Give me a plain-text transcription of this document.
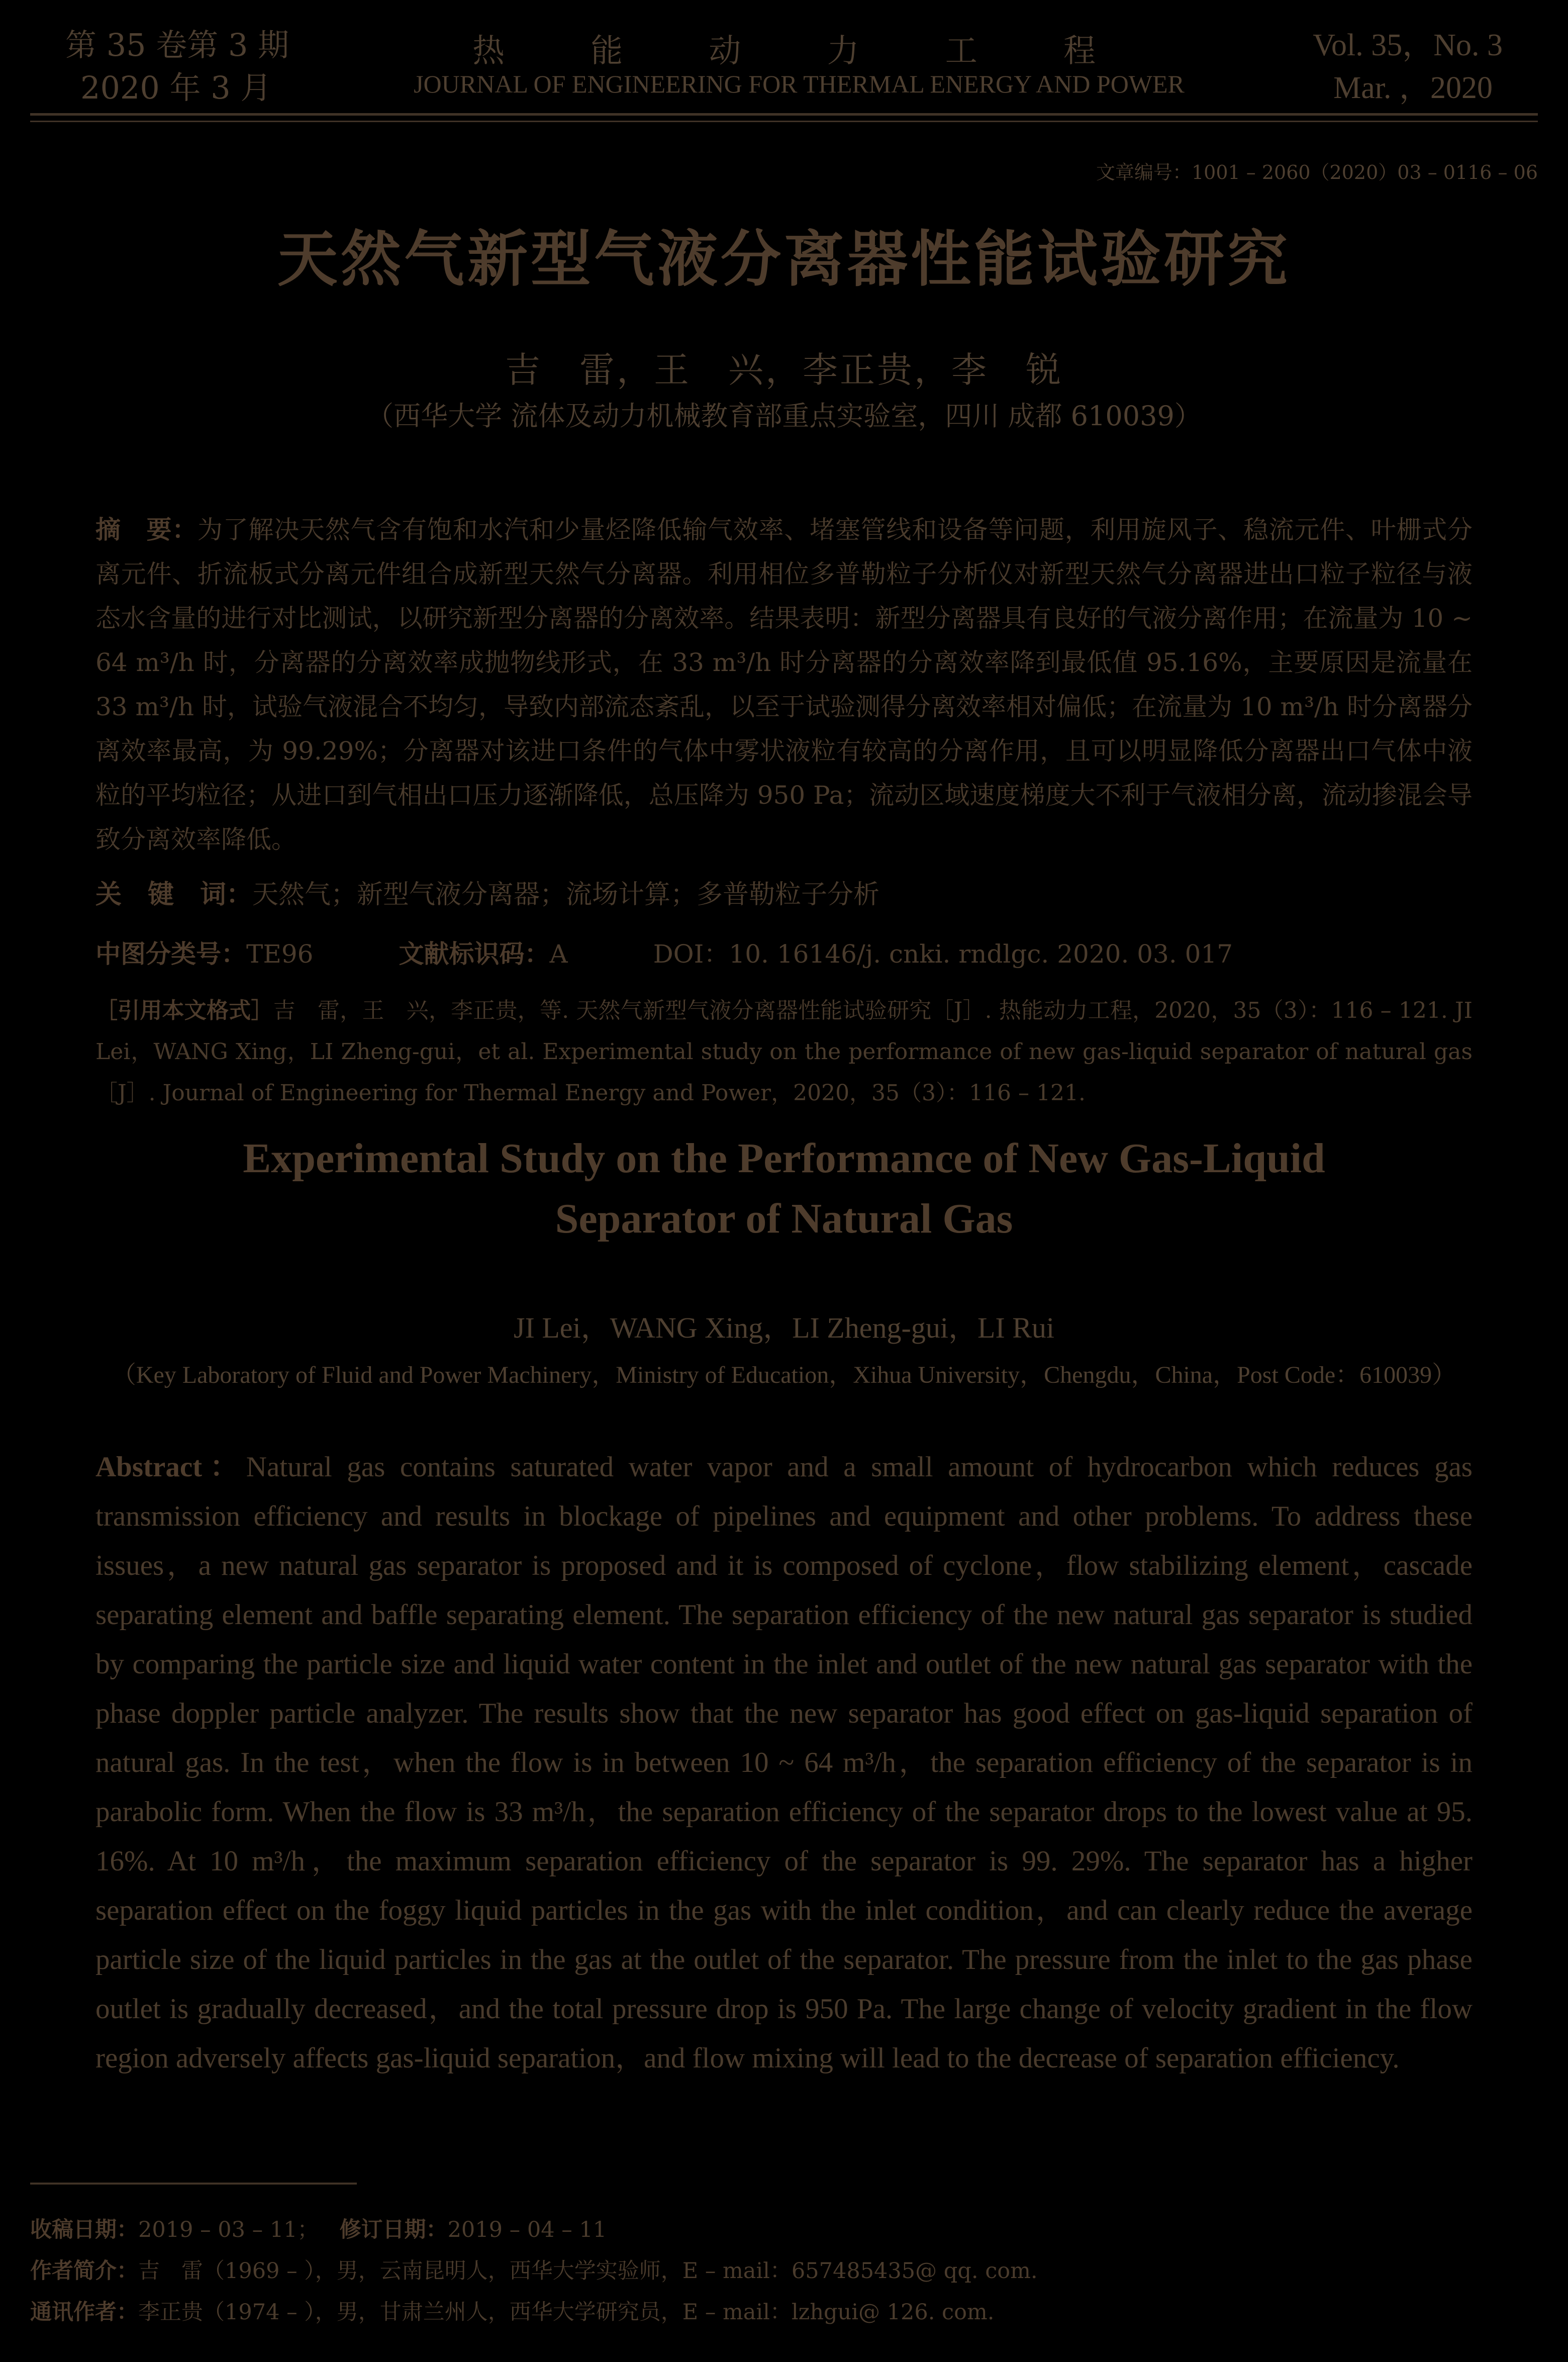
第 35 卷第 3 期
2020 年 3 月
热	能	动	力	工	程
JOURNAL OF ENGINEERING FOR THERMAL ENERGY AND POWER
Vol. 35，No. 3
Mar. ，2020
文章编号：1001 – 2060（2020）03 – 0116 – 06
天然气新型气液分离器性能试验研究
吉　雷，王　兴，李正贵，李　锐
（西华大学 流体及动力机械教育部重点实验室，四川 成都 610039）
摘　要：为了解决天然气含有饱和水汽和少量烃降低输气效率、堵塞管线和设备等问题，利用旋风子、稳流元件、叶栅式分离元件、折流板式分离元件组合成新型天然气分离器。利用相位多普勒粒子分析仪对新型天然气分离器进出口粒子粒径与液态水含量的进行对比测试，以研究新型分离器的分离效率。结果表明：新型分离器具有良好的气液分离作用；在流量为 10 ~ 64 m³/h 时，分离器的分离效率成抛物线形式，在 33 m³/h 时分离器的分离效率降到最低值 95.16%，主要原因是流量在 33 m³/h 时，试验气液混合不均匀，导致内部流态紊乱，以至于试验测得分离效率相对偏低；在流量为 10 m³/h 时分离器分离效率最高，为 99.29%；分离器对该进口条件的气体中雾状液粒有较高的分离作用，且可以明显降低分离器出口气体中液粒的平均粒径；从进口到气相出口压力逐渐降低，总压降为 950 Pa；流动区域速度梯度大不利于气液相分离，流动掺混会导致分离效率降低。
关　键　词：天然气；新型气液分离器；流场计算；多普勒粒子分析
中图分类号：TE96	文献标识码：A	DOI：10. 16146/j. cnki. rndlgc. 2020. 03. 017
［引用本文格式］吉　雷，王　兴，李正贵，等. 天然气新型气液分离器性能试验研究［J］. 热能动力工程，2020，35（3）：116 – 121. JI Lei，WANG Xing，LI Zheng-gui，et al. Experimental study on the performance of new gas-liquid separator of natural gas［J］. Journal of Engineering for Thermal Energy and Power，2020，35（3）：116 – 121.
Experimental Study on the Performance of New Gas-Liquid
Separator of Natural Gas
JI Lei，WANG Xing，LI Zheng-gui，LI Rui
（Key Laboratory of Fluid and Power Machinery，Ministry of Education，Xihua University，Chengdu，China，Post Code：610039）
Abstract：Natural gas contains saturated water vapor and a small amount of hydrocarbon which reduces gas transmission efficiency and results in blockage of pipelines and equipment and other problems. To address these issues，a new natural gas separator is proposed and it is composed of cyclone，flow stabilizing element，cascade separating element and baffle separating element. The separation efficiency of the new natural gas separator is studied by comparing the particle size and liquid water content in the inlet and outlet of the new natural gas separator with the phase doppler particle analyzer. The results show that the new separator has good effect on gas-liquid separation of natural gas. In the test，when the flow is in between 10 ~ 64 m³/h，the separation efficiency of the separator is in parabolic form. When the flow is 33 m³/h，the separation efficiency of the separator drops to the lowest value at 95. 16%. At 10 m³/h，the maximum separation efficiency of the separator is 99. 29%. The separator has a higher separation effect on the foggy liquid particles in the gas with the inlet condition，and can clearly reduce the average particle size of the liquid particles in the gas at the outlet of the separator. The pressure from the inlet to the gas phase outlet is gradually decreased，and the total pressure drop is 950 Pa. The large change of velocity gradient in the flow region adversely affects gas-liquid separation，and flow mixing will lead to the decrease of separation efficiency.
收稿日期：2019 – 03 – 11； 修订日期：2019 – 04 – 11
作者简介：吉　雷（1969 – ），男，云南昆明人，西华大学实验师，E – mail：657485435@ qq. com.
通讯作者：李正贵（1974 – ），男，甘肃兰州人，西华大学研究员，E – mail：lzhgui@ 126. com.
